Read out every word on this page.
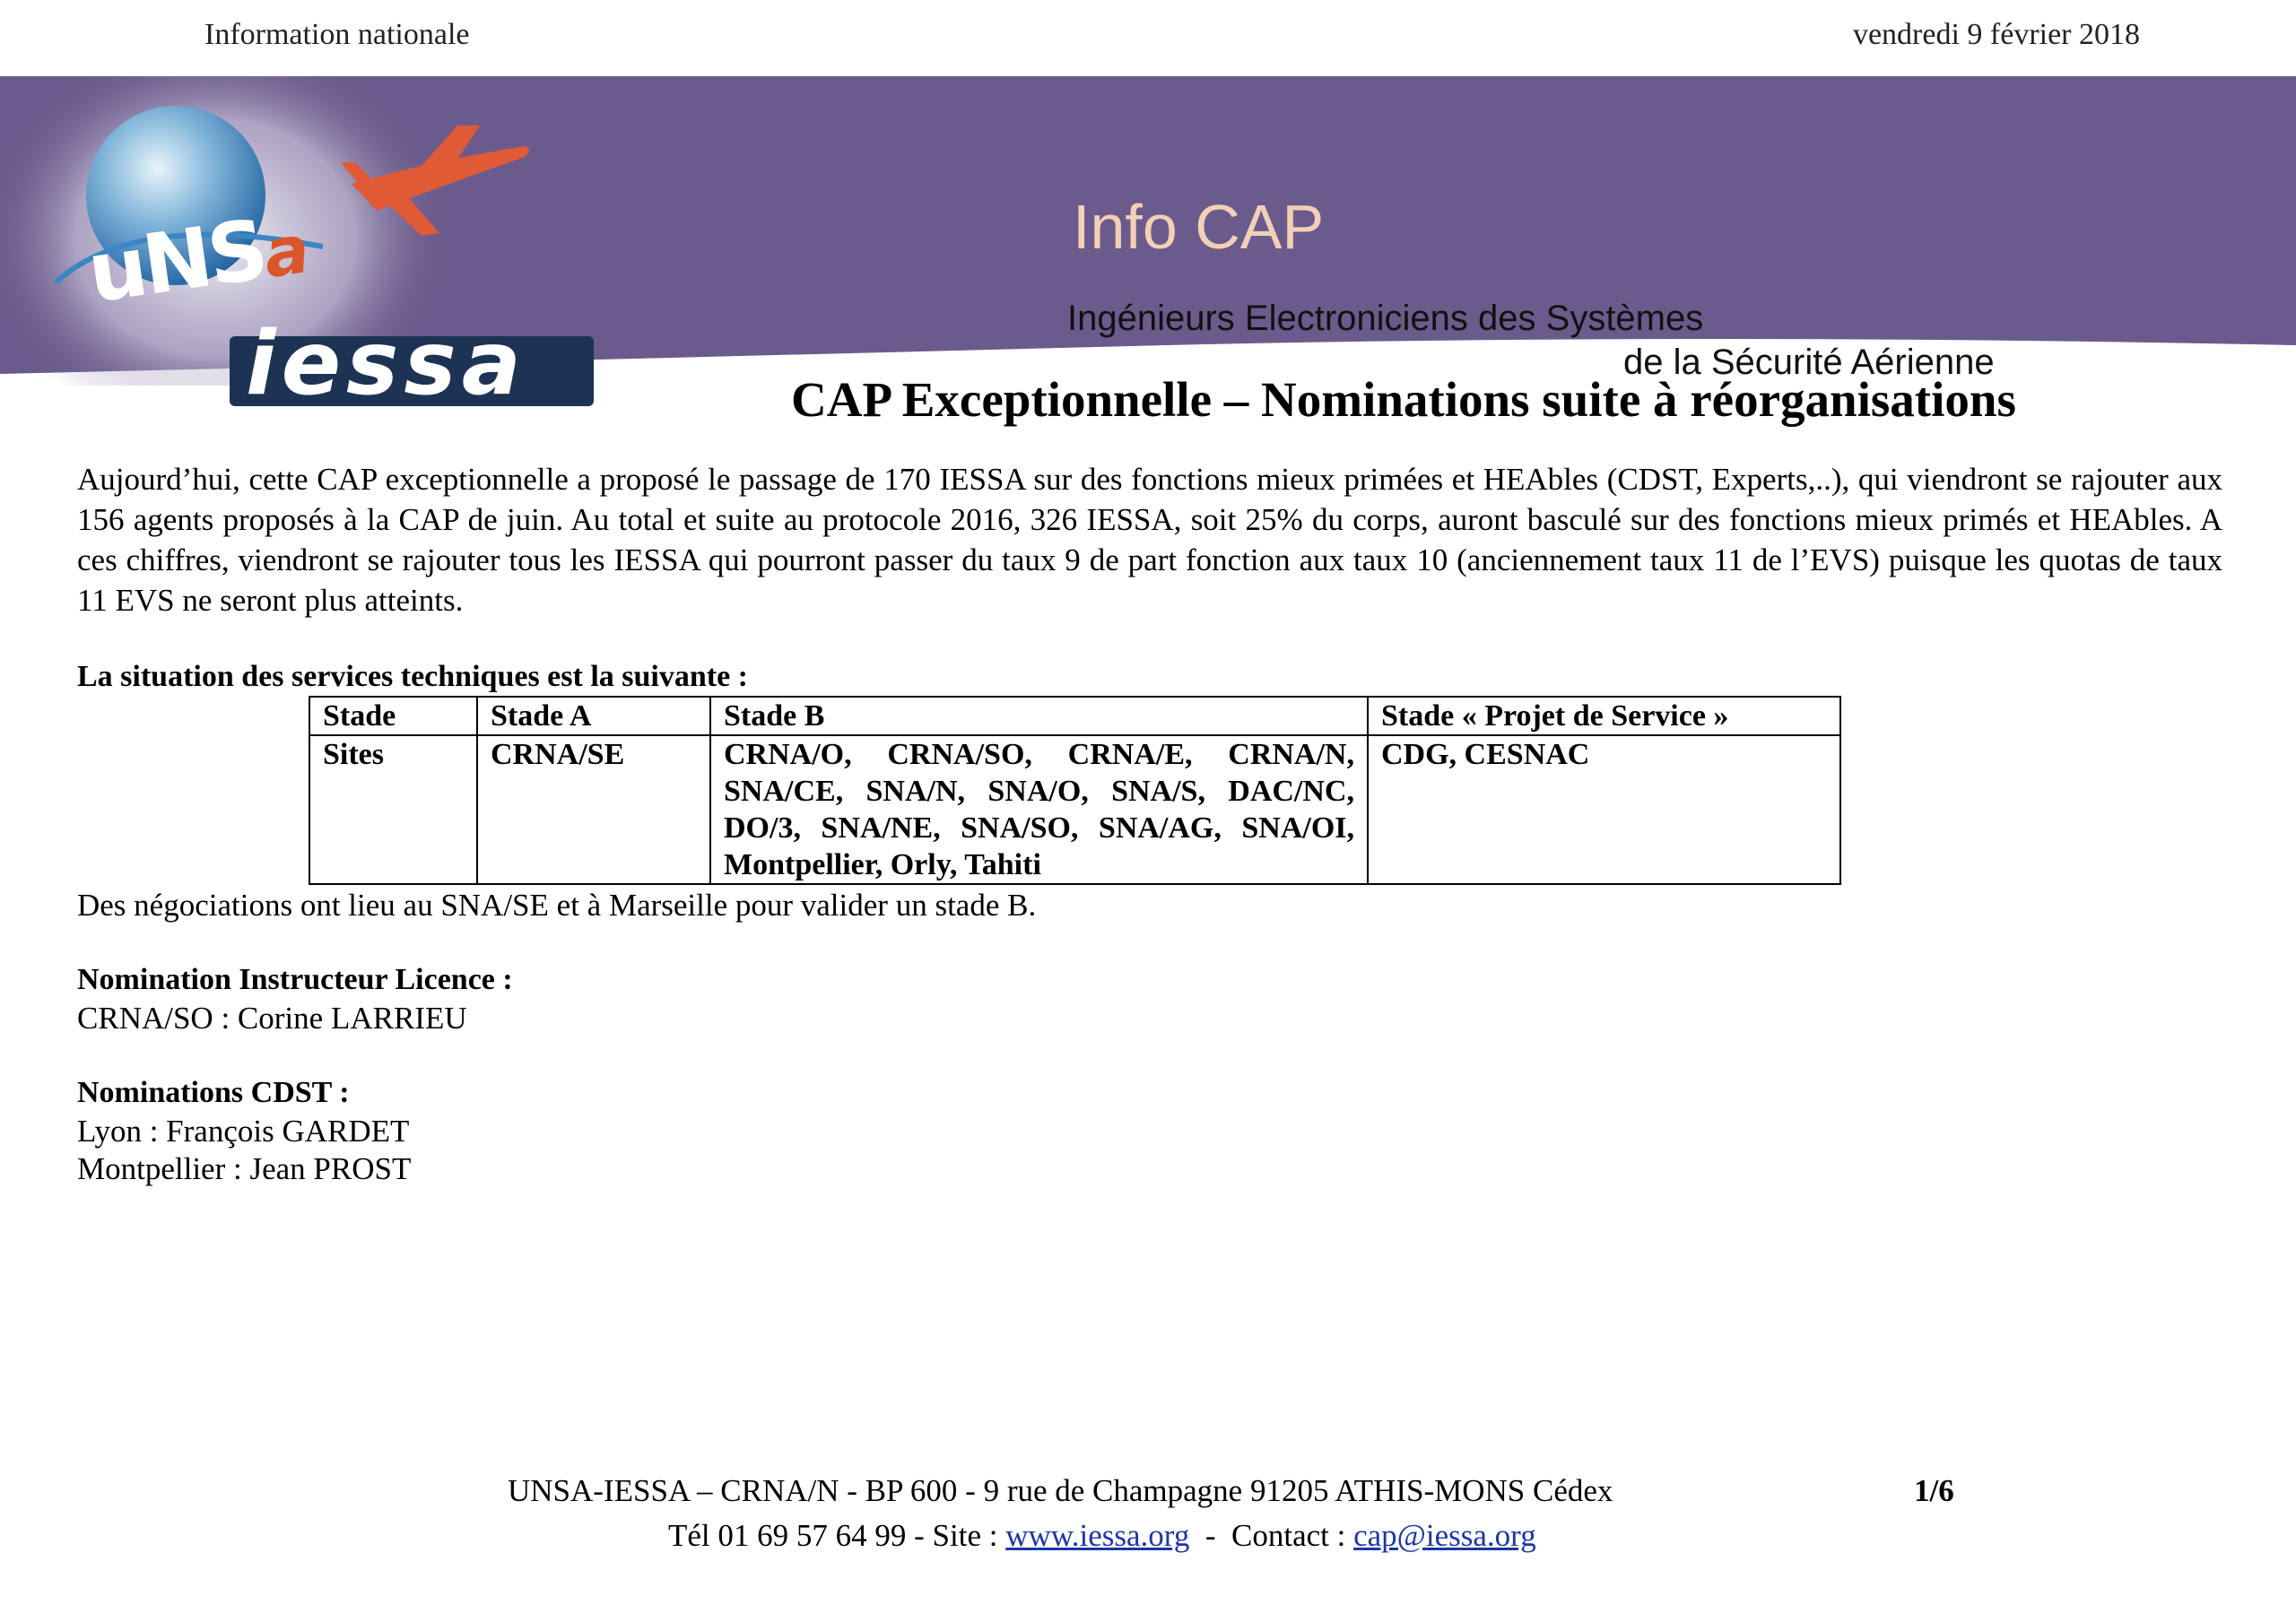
Information nationale	vendredi 9 février 2018
uNSa
iessa
Info CAP
Ingénieurs Electroniciens des Systèmes
de la Sécurité Aérienne
CAP Exceptionnelle – Nominations suite à réorganisations
Aujourd’hui, cette CAP exceptionnelle a proposé le passage de 170 IESSA sur des fonctions mieux primées et HEAbles (CDST, Experts,..), qui viendront se rajouter aux 156 agents proposés à la CAP de juin. Au total et suite au protocole 2016, 326 IESSA, soit 25% du corps, auront basculé sur des fonctions mieux primés et HEAbles. A ces chiffres, viendront se rajouter tous les IESSA qui pourront passer du taux 9 de part fonction aux taux 10 (anciennement taux 11 de l’EVS) puisque les quotas de taux 11 EVS ne seront plus atteints.
La situation des services techniques est la suivante :
Stade	Stade A	Stade B	Stade « Projet de Service »
Sites	CRNA/SE	CRNA/O, CRNA/SO, CRNA/E, CRNA/N, SNA/CE, SNA/N, SNA/O, SNA/S, DAC/NC, DO/3, SNA/NE, SNA/SO, SNA/AG, SNA/OI, Montpellier, Orly, Tahiti	CDG, CESNAC
Des négociations ont lieu au SNA/SE et à Marseille pour valider un stade B.
Nomination Instructeur Licence :
CRNA/SO : Corine LARRIEU
Nominations CDST :
Lyon : François GARDET
Montpellier : Jean PROST
UNSA-IESSA – CRNA/N - BP 600 - 9 rue de Champagne 91205 ATHIS-MONS Cédex	1/6
Tél 01 69 57 64 99 - Site : www.iessa.org  -  Contact : cap@iessa.org
